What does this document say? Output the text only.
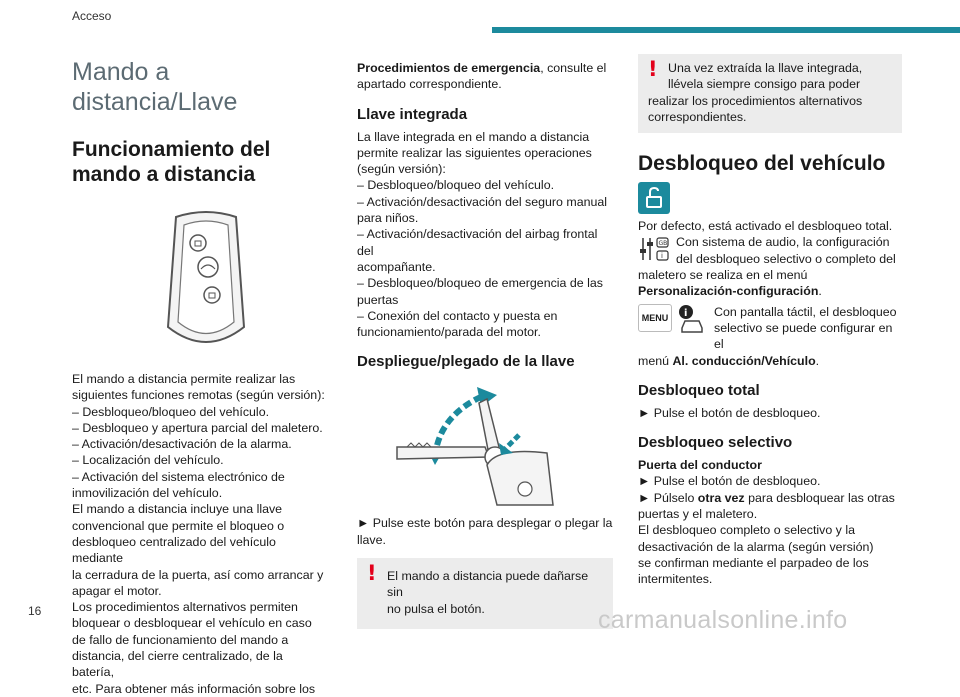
Acceso
Mando a distancia/Llave
Funcionamiento del mando a distancia
El mando a distancia permite realizar las
siguientes funciones remotas (según versión):
– Desbloqueo/bloqueo del vehículo.
– Desbloqueo y apertura parcial del maletero.
– Activación/desactivación de la alarma.
– Localización del vehículo.
– Activación del sistema electrónico de
inmovilización del vehículo.
El mando a distancia incluye una llave
convencional que permite el bloqueo o
desbloqueo centralizado del vehículo mediante
la cerradura de la puerta, así como arrancar y
apagar el motor.
Los procedimientos alternativos permiten
bloquear o desbloquear el vehículo en caso
de fallo de funcionamiento del mando a
distancia, del cierre centralizado, de la batería,
etc. Para obtener más información sobre los
Procedimientos de emergencia, consulte el
apartado correspondiente.
Llave integrada
La llave integrada en el mando a distancia
permite realizar las siguientes operaciones
(según versión):
– Desbloqueo/bloqueo del vehículo.
– Activación/desactivación del seguro manual
para niños.
– Activación/desactivación del airbag frontal del
acompañante.
– Desbloqueo/bloqueo de emergencia de las
puertas
– Conexión del contacto y puesta en
funcionamiento/parada del motor.
Despliegue/plegado de la llave
► Pulse este botón para desplegar o plegar la
llave.
! El mando a distancia puede dañarse sin
no pulsa el botón.
! Una vez extraída la llave integrada,
llévela siempre consigo para poder
realizar los procedimientos alternativos
correspondientes.
Desbloqueo del vehículo
Por defecto, está activado el desbloqueo total.
GB
i
Con sistema de audio, la configuración
del desbloqueo selectivo o completo del
maletero se realiza en el menú
Personalización-configuración.
MENU	i	Con pantalla táctil, el desbloqueo
selectivo se puede configurar en el
menú Al. conducción/Vehículo.
Desbloqueo total
► Pulse el botón de desbloqueo.
Desbloqueo selectivo
Puerta del conductor
► Pulse el botón de desbloqueo.
► Púlselo otra vez para desbloquear las otras
puertas y el maletero.
El desbloqueo completo o selectivo y la
desactivación de la alarma (según versión)
se confirman mediante el parpadeo de los
intermitentes.
16	carmanualsonline.info
